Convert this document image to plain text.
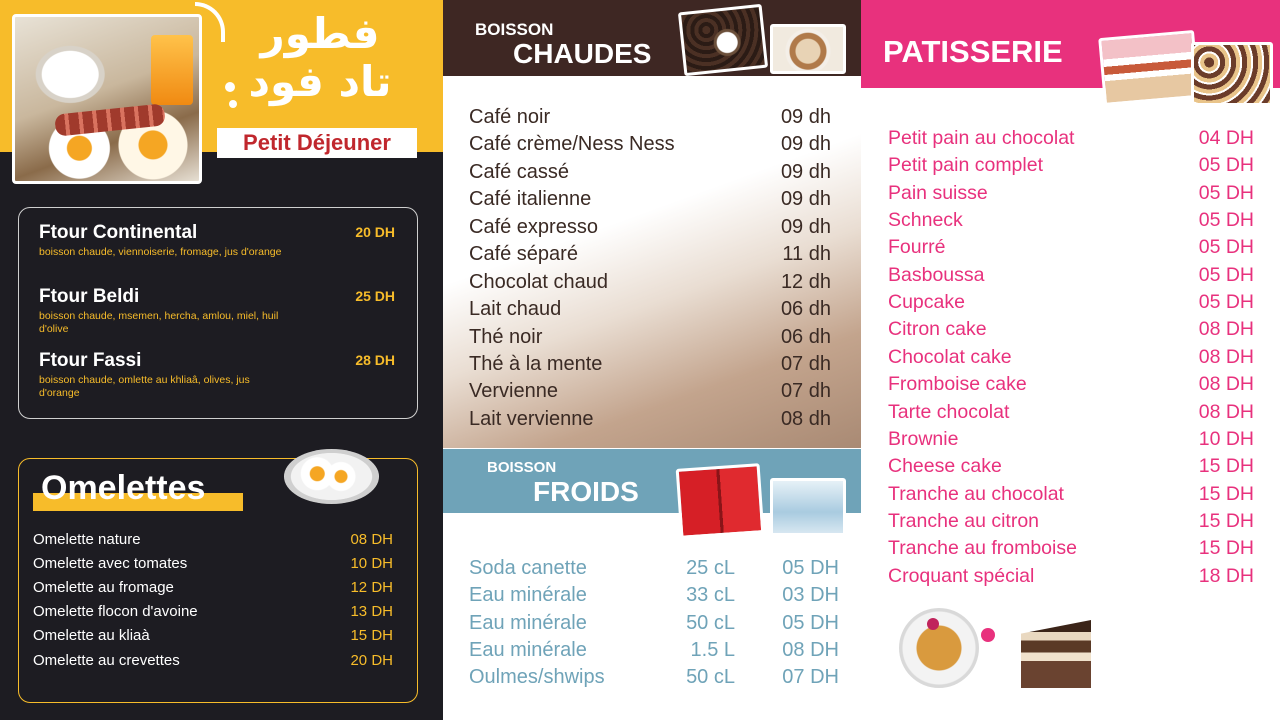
فطور
تاد فود
Petit Déjeuner
Ftour Continental	20 DH
boisson chaude, viennoiserie, fromage, jus d'orange
Ftour Beldi	25 DH
boisson chaude, msemen, hercha, amlou, miel, huil d'olive
Ftour Fassi	28 DH
boisson chaude, omlette au khliaâ, olives, jus d'orange
Omelettes
Omelette nature	08 DH
Omelette avec tomates	10 DH
Omelette au fromage	12 DH
Omelette flocon d'avoine	13 DH
Omelette au kliaà	15 DH
Omelette au crevettes	20 DH
BOISSON
CHAUDES
Café noir	09 dh
Café crème/Ness Ness	09 dh
Café cassé	09 dh
Café italienne	09 dh
Café expresso	09 dh
Café séparé	11 dh
Chocolat chaud	12 dh
Lait chaud	06 dh
Thé noir	06 dh
Thé à la mente	07 dh
Vervienne	07 dh
Lait vervienne	08 dh
BOISSON
FROIDS
Soda canette	25 cL 05 DH
Eau minérale	33 cL 03 DH
Eau minérale	50 cL 05 DH
Eau minérale	1.5 L 08 DH
Oulmes/shwips	50 cL 07 DH
PATISSERIE
Petit pain au chocolat	04 DH
Petit pain complet	05 DH
Pain suisse	05 DH
Schneck	05 DH
Fourré	05 DH
Basboussa	05 DH
Cupcake	05 DH
Citron cake	08 DH
Chocolat cake	08 DH
Fromboise cake	08 DH
Tarte chocolat	08 DH
Brownie	10 DH
Cheese cake	15 DH
Tranche au chocolat	15 DH
Tranche au citron	15 DH
Tranche au fromboise	15 DH
Croquant spécial	18 DH
